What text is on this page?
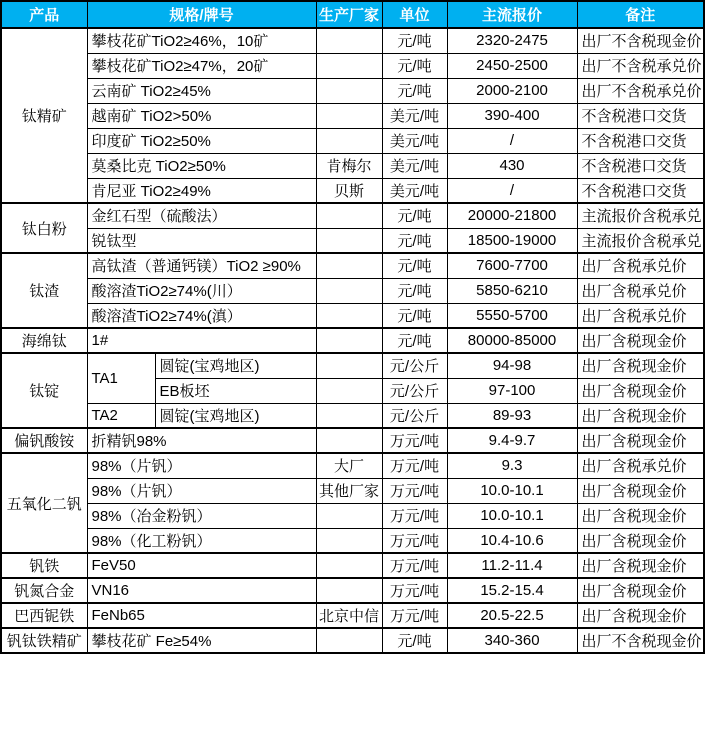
产品	规格/牌号		生产厂家	单位	主流报价	备注
钛精矿	攀枝花矿TiO2≥46%，10矿			元/吨	2320-2475	出厂不含税现金价
	攀枝花矿TiO2≥47%，20矿			元/吨	2450-2500	出厂不含税承兑价
	云南矿 TiO2≥45%			元/吨	2000-2100	出厂不含税承兑价
	越南矿 TiO2>50%			美元/吨	390-400	不含税港口交货
	印度矿 TiO2≥50%			美元/吨	/	不含税港口交货
	莫桑比克 TiO2≥50%		肯梅尔	美元/吨	430	不含税港口交货
	肯尼亚 TiO2≥49%		贝斯	美元/吨	/	不含税港口交货
钛白粉	金红石型（硫酸法）			元/吨	20000-21800	主流报价含税承兑
	锐钛型			元/吨	18500-19000	主流报价含税承兑
钛渣	高钛渣（普通钙镁）TiO2 ≥90%			元/吨	7600-7700	出厂含税承兑价
	酸溶渣TiO2≥74%(川）			元/吨	5850-6210	出厂含税承兑价
	酸溶渣TiO2≥74%(滇）			元/吨	5550-5700	出厂含税承兑价
海绵钛	1#			元/吨	80000-85000	出厂含税现金价
钛锭	TA1	圆锭(宝鸡地区)		元/公斤	94-98	出厂含税现金价
		EB板坯		元/公斤	97-100	出厂含税现金价
	TA2	圆锭(宝鸡地区)		元/公斤	89-93	出厂含税现金价
偏钒酸铵	折精钒98%			万元/吨	9.4-9.7	出厂含税现金价
五氧化二钒	98%（片钒）		大厂	万元/吨	9.3	出厂含税承兑价
	98%（片钒）		其他厂家	万元/吨	10.0-10.1	出厂含税现金价
	98%（冶金粉钒）			万元/吨	10.0-10.1	出厂含税现金价
	98%（化工粉钒）			万元/吨	10.4-10.6	出厂含税现金价
钒铁	FeV50			万元/吨	11.2-11.4	出厂含税现金价
钒氮合金	VN16			万元/吨	15.2-15.4	出厂含税现金价
巴西铌铁	FeNb65		北京中信	万元/吨	20.5-22.5	出厂含税现金价
钒钛铁精矿	攀枝花矿 Fe≥54%			元/吨	340-360	出厂不含税现金价
